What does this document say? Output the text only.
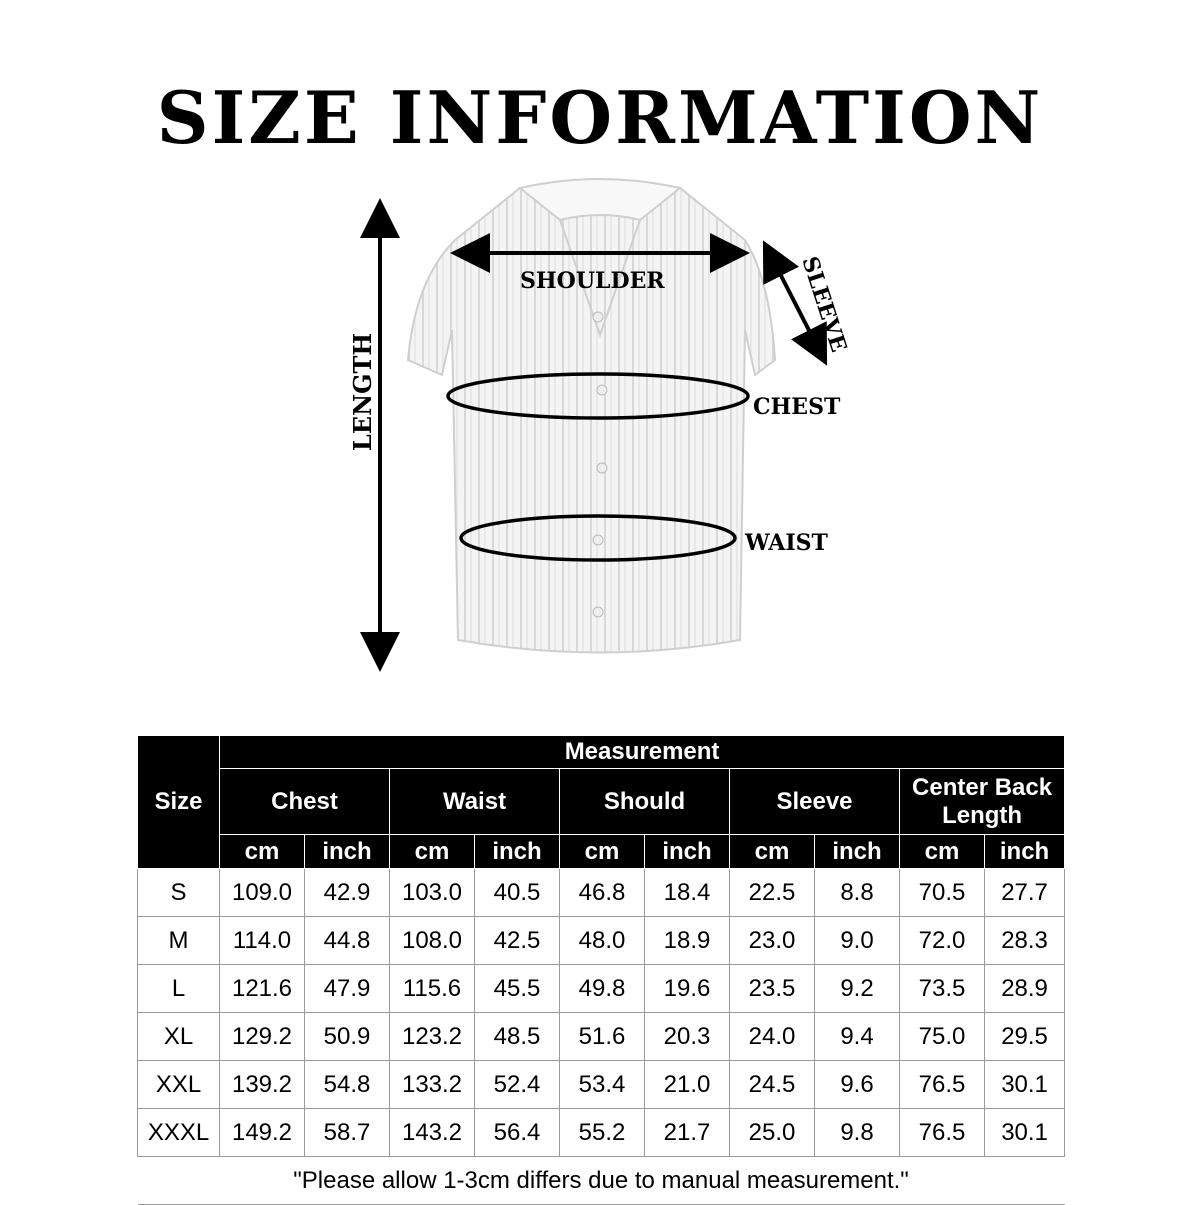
SIZE INFORMATION
SHOULDER
CHEST
WAIST
LENGTH
SLEEVE
Size	Measurement									
	Chest		Waist		Should		Sleeve		Center Back Length	
	cm	inch	cm	inch	cm	inch	cm	inch	cm	inch
S	109.0	42.9	103.0	40.5	46.8	18.4	22.5	8.8	70.5	27.7
M	114.0	44.8	108.0	42.5	48.0	18.9	23.0	9.0	72.0	28.3
L	121.6	47.9	115.6	45.5	49.8	19.6	23.5	9.2	73.5	28.9
XL	129.2	50.9	123.2	48.5	51.6	20.3	24.0	9.4	75.0	29.5
XXL	139.2	54.8	133.2	52.4	53.4	21.0	24.5	9.6	76.5	30.1
XXXL	149.2	58.7	143.2	56.4	55.2	21.7	25.0	9.8	76.5	30.1
"Please allow 1-3cm differs due to manual measurement."										
